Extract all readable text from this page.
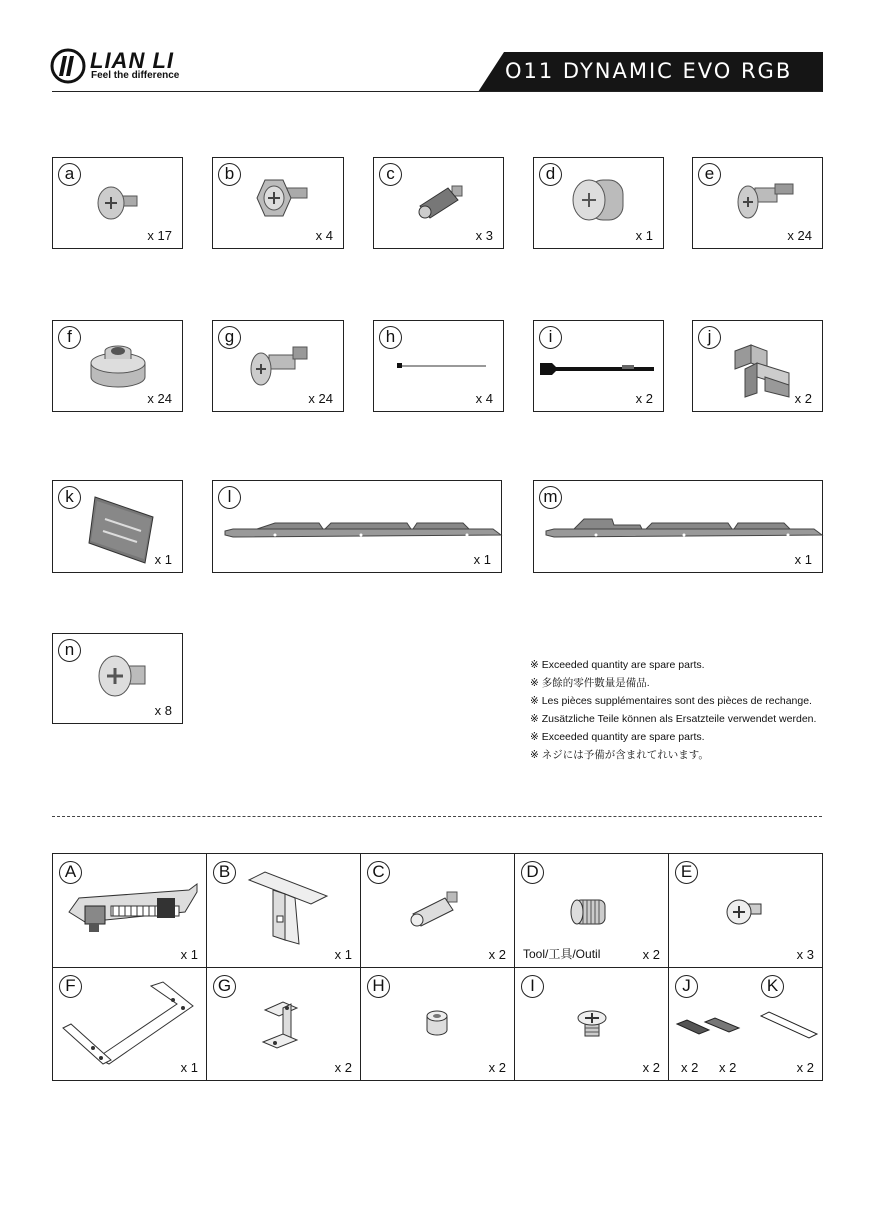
LIAN LI
Feel the difference	O11 DYNAMIC EVO RGB
a
x 17
b
x 4
c
x 3
d
x 1
e
x 24
f
x 24
g
x 24
h
x 4
i
x 2
j
x 2
k
x 1
l
x 1
m
x 1
n
x 8
※ Exceeded quantity are spare parts.
※ 多餘的零件數量是備品.
※ Les pièces supplémentaires sont des pièces de rechange.
※ Zusätzliche Teile können als Ersatzteile verwendet werden.
※ Exceeded quantity are spare parts.
※ ネジには予備が含まれてれいます。
A
x 1
B
x 1
C
x 2
D
Tool/工具/Outil	x 2
E
x 3
F
x 1
G
x 2
H
x 2
I
x 2
J	K
x 2 x 2	x 2
